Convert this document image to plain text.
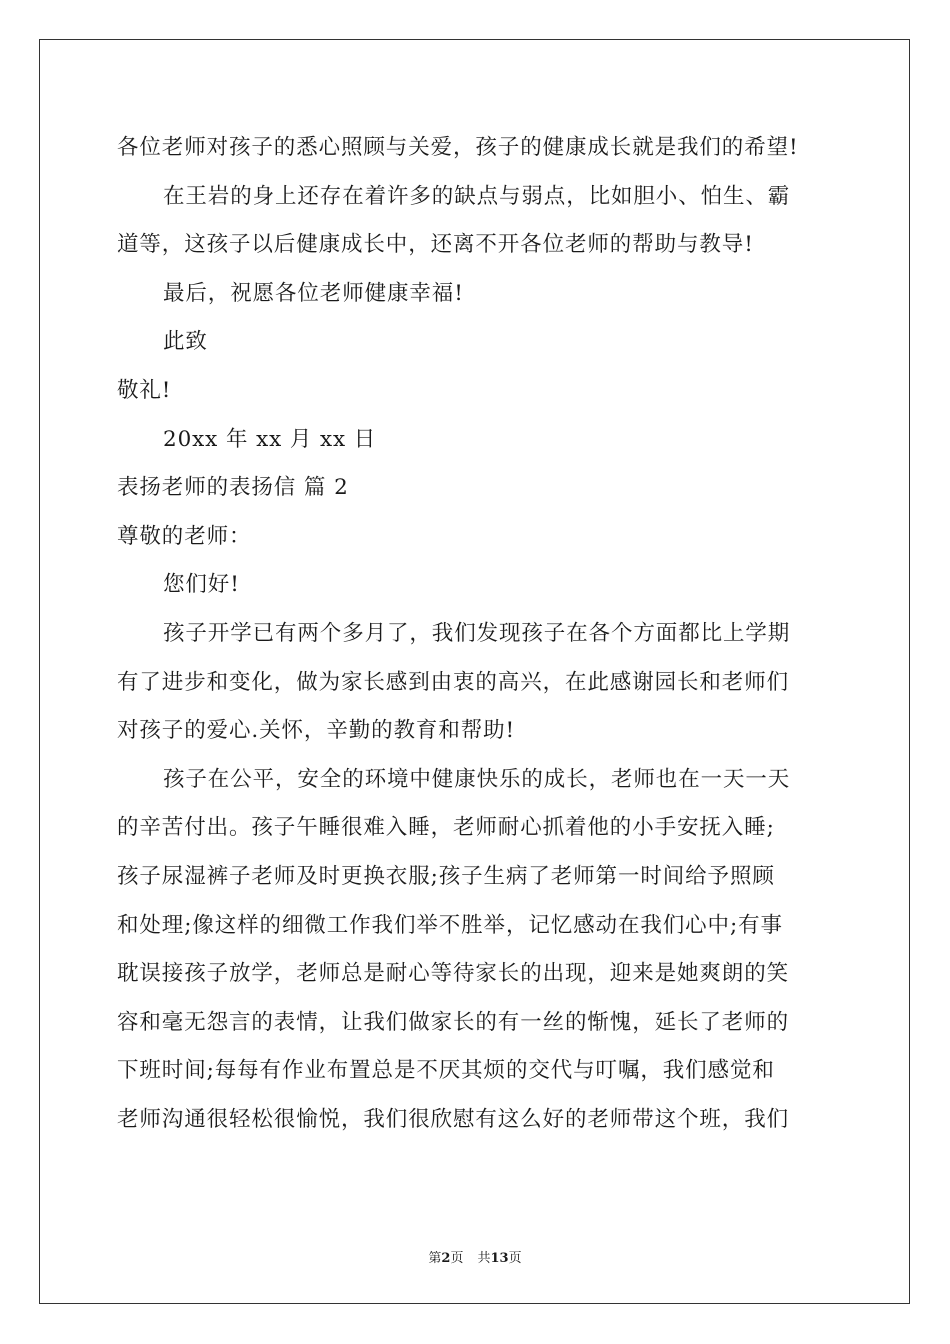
各位老师对孩子的悉心照顾与关爱，孩子的健康成长就是我们的希望!
在王岩的身上还存在着许多的缺点与弱点，比如胆小、怕生、霸
道等，这孩子以后健康成长中，还离不开各位老师的帮助与教导!
最后，祝愿各位老师健康幸福!
此致
敬礼!
20xx 年 xx 月 xx 日
表扬老师的表扬信 篇 2
尊敬的老师：
您们好!
孩子开学已有两个多月了，我们发现孩子在各个方面都比上学期
有了进步和变化，做为家长感到由衷的高兴，在此感谢园长和老师们
对孩子的爱心.关怀，辛勤的教育和帮助!
孩子在公平，安全的环境中健康快乐的成长，老师也在一天一天
的辛苦付出。孩子午睡很难入睡，老师耐心抓着他的小手安抚入睡;
孩子尿湿裤子老师及时更换衣服;孩子生病了老师第一时间给予照顾
和处理;像这样的细微工作我们举不胜举，记忆感动在我们心中;有事
耽误接孩子放学，老师总是耐心等待家长的出现，迎来是她爽朗的笑
容和毫无怨言的表情，让我们做家长的有一丝的惭愧，延长了老师的
下班时间;每每有作业布置总是不厌其烦的交代与叮嘱，我们感觉和
老师沟通很轻松很愉悦，我们很欣慰有这么好的老师带这个班，我们
第2页 共13页
